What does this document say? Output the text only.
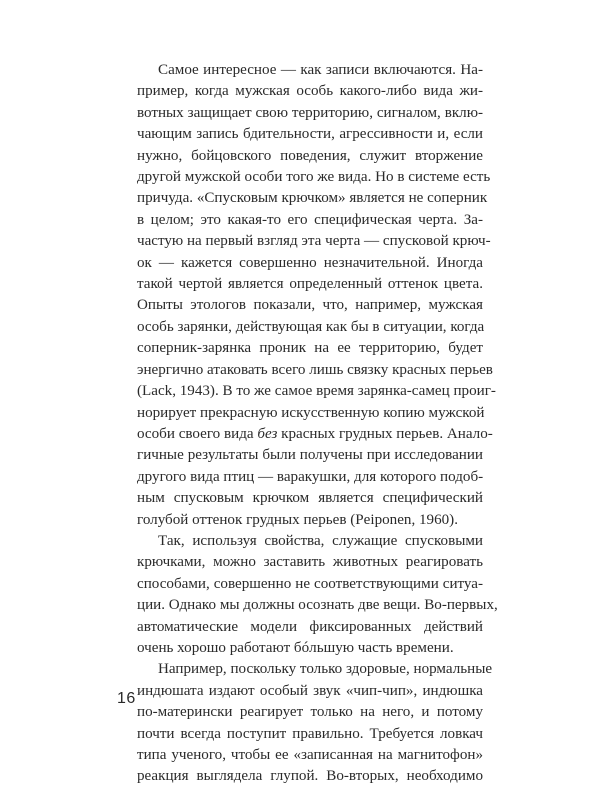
Самое интересное — как записи включаются. На-
пример, когда мужская особь какого-либо вида жи-
вотных защищает свою территорию, сигналом, вклю-
чающим запись бдительности, агрессивности и, если
нужно, бойцовского поведения, служит вторжение
другой мужской особи того же вида. Но в системе есть
причуда. «Спусковым крючком» является не соперник
в целом; это какая-то его специфическая черта. За-
частую на первый взгляд эта черта — спусковой крюч-
ок — кажется совершенно незначительной. Иногда
такой чертой является определенный оттенок цвета.
Опыты этологов показали, что, например, мужская
особь зарянки, действующая как бы в ситуации, когда
соперник-зарянка проник на ее территорию, будет
энергично атаковать всего лишь связку красных перьев
(Lack, 1943). В то же самое время зарянка-самец проиг-
норирует прекрасную искусственную копию мужской
особи своего вида без красных грудных перьев. Анало-
гичные результаты были получены при исследовании
другого вида птиц — варакушки, для которого подоб-
ным спусковым крючком является специфический
голубой оттенок грудных перьев (Peiponen, 1960).

Так, используя свойства, служащие спусковыми
крючками, можно заставить животных реагировать
способами, совершенно не соответствующими ситуа-
ции. Однако мы должны осознать две вещи. Во-первых,
автоматические модели фиксированных действий
очень хорошо работают бóльшую часть времени.

Например, поскольку только здоровые, нормальные
индюшата издают особый звук «чип-чип», индюшка
по-матерински реагирует только на него, и потому
почти всегда поступит правильно. Требуется ловкач
типа ученого, чтобы ее «записанная на магнитофон»
реакция выглядела глупой. Во-вторых, необходимо

16
